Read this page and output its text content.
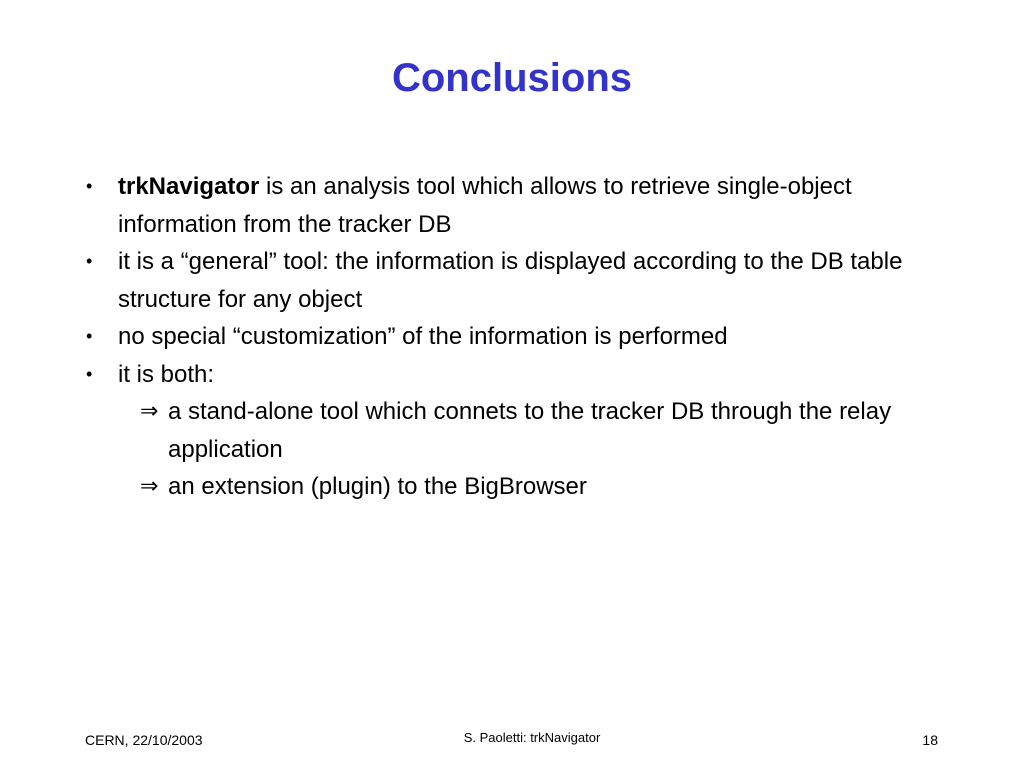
Conclusions
• trkNavigator is an analysis tool which allows to retrieve single-object information from the tracker DB
• it is a “general” tool: the information is displayed according to the DB table structure for any object
• no special “customization” of the information is performed
• it is both:
⇒ a stand-alone tool which connets to the tracker DB through the relay application
⇒ an extension (plugin) to the BigBrowser
CERN, 22/10/2003	S. Paoletti: trkNavigator	18
